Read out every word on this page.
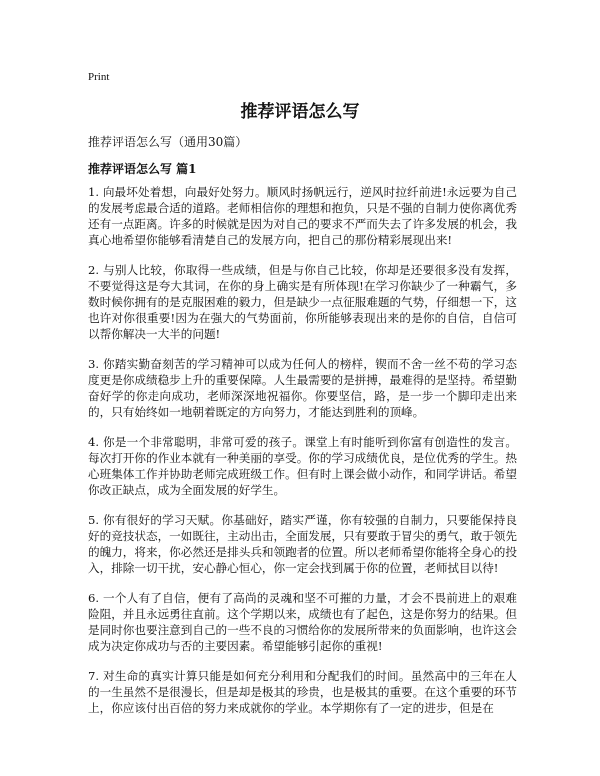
Print
推荐评语怎么写
推荐评语怎么写（通用30篇）
推荐评语怎么写 篇1

1. 向最坏处着想，向最好处努力。顺风时扬帆远行，逆风时拉纤前进!永远要为自己的发展考虑最合适的道路。老师相信你的理想和抱负，只是不强的自制力使你离优秀还有一点距离。许多的时候就是因为对自己的要求不严而失去了许多发展的机会，我真心地希望你能够看清楚自己的发展方向，把自己的那份精彩展现出来!

2. 与别人比较，你取得一些成绩，但是与你自己比较，你却是还要很多没有发挥，不要觉得这是夸大其词，在你的身上确实是有所体现!在学习你缺少了一种霸气，多数时候你拥有的是克服困难的毅力，但是缺少一点征服难题的气势，仔细想一下，这也许对你很重要!因为在强大的气势面前，你所能够表现出来的是你的自信，自信可以帮你解决一大半的问题!

3. 你踏实勤奋刻苦的学习精神可以成为任何人的榜样，锲而不舍一丝不苟的学习态度更是你成绩稳步上升的重要保障。人生最需要的是拼搏，最难得的是坚持。希望勤奋好学的你走向成功，老师深深地祝福你。你要坚信，路，是一步一个脚印走出来的，只有始终如一地朝着既定的方向努力，才能达到胜利的顶峰。

4. 你是一个非常聪明，非常可爱的孩子。课堂上有时能听到你富有创造性的发言。每次打开你的作业本就有一种美丽的享受。你的学习成绩优良，是位优秀的学生。热心班集体工作并协助老师完成班级工作。但有时上课会做小动作，和同学讲话。希望你改正缺点，成为全面发展的好学生。

5. 你有很好的学习天赋。你基础好，踏实严谨，你有较强的自制力，只要能保持良好的竞技状态，一如既往，主动出击，全面发展，只有要敢于冒尖的勇气，敢于领先的魄力，将来，你必然还是排头兵和领跑者的位置。所以老师希望你能将全身心的投入，排除一切干扰，安心静心恒心，你一定会找到属于你的位置，老师拭目以待!

6. 一个人有了自信，便有了高尚的灵魂和坚不可摧的力量，才会不畏前进上的艰难险阻，并且永远勇往直前。这个学期以来，成绩也有了起色，这是你努力的结果。但是同时你也要注意到自己的一些不良的习惯给你的发展所带来的负面影响，也许这会成为决定你成功与否的主要因素。希望能够引起你的重视!

7. 对生命的真实计算只能是如何充分利用和分配我们的时间。虽然高中的三年在人的一生虽然不是很漫长，但是却是极其的珍贵，也是极其的重要。在这个重要的环节上，你应该付出百倍的努力来成就你的学业。本学期你有了一定的进步，但是在
